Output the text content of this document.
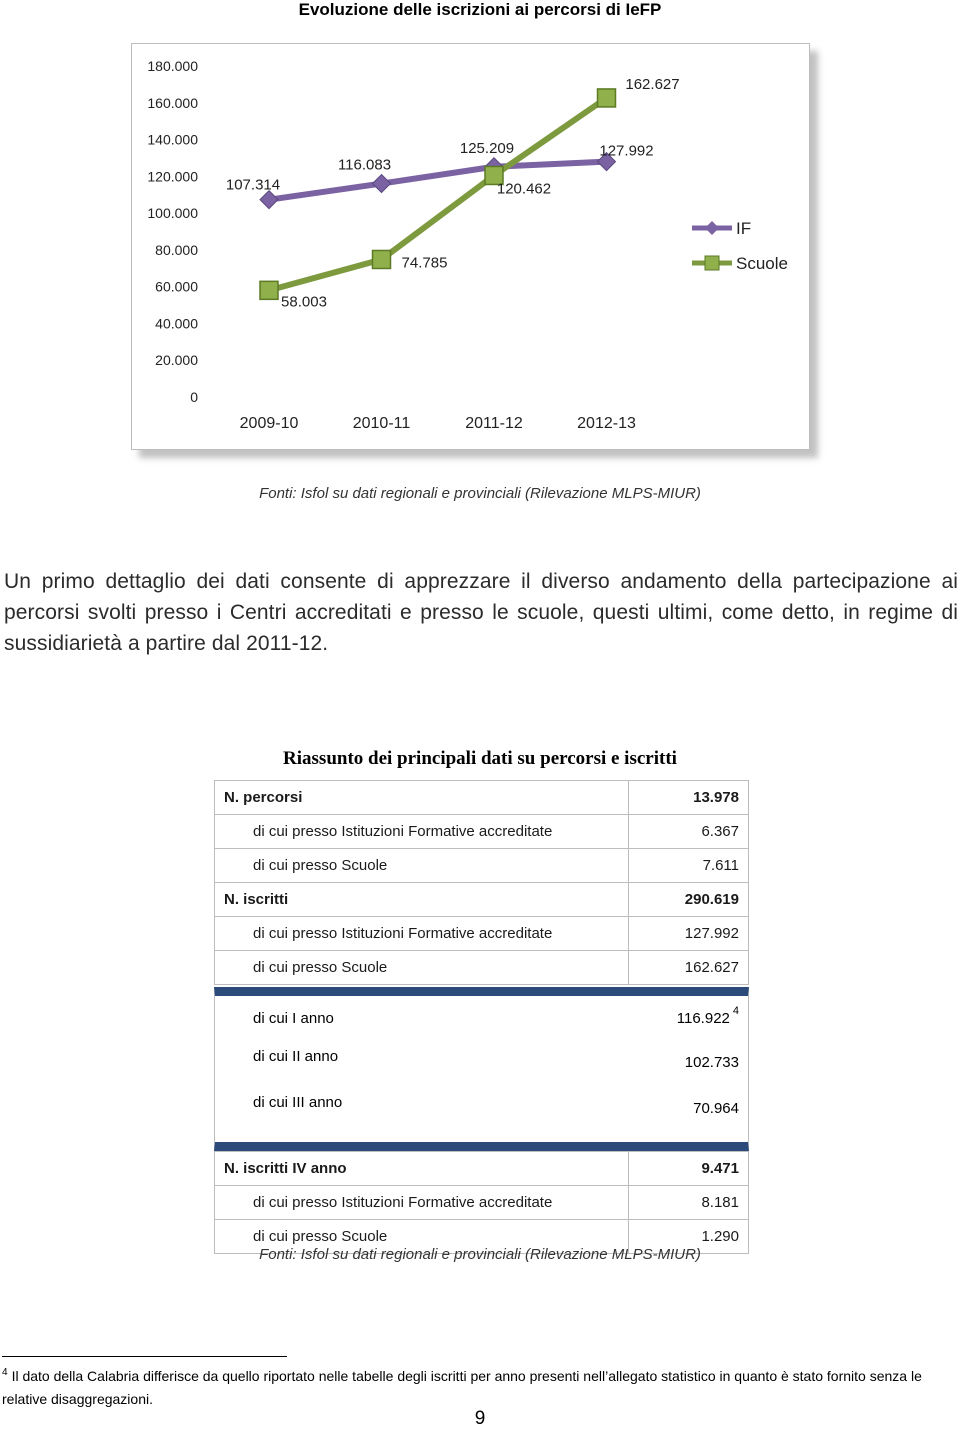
Evoluzione delle iscrizioni ai percorsi di IeFP
0
20.000
40.000
60.000
80.000
100.000
120.000
140.000
160.000
180.000
2009-10	2010-11	2011-12	2012-13
107.314
116.083
125.209	127.992
58.003
74.785
120.462
162.627
IF
Scuole
Fonti: Isfol su dati regionali e provinciali (Rilevazione MLPS-MIUR)
Un primo dettaglio dei dati consente di apprezzare il diverso andamento della partecipazione ai percorsi svolti presso i Centri accreditati e presso le scuole, questi ultimi, come detto, in regime di sussidiarietà a partire dal 2011-12.
Riassunto dei principali dati su percorsi e iscritti
N. percorsi	13.978
di cui presso Istituzioni Formative accreditate	6.367
di cui presso Scuole	7.611
N. iscritti	290.619
di cui presso Istituzioni Formative accreditate	127.992
di cui presso Scuole	162.627
di cui I anno	116.922 $^4$
di cui II anno	102.733
di cui III anno	70.964
N. iscritti IV anno	9.471
di cui presso Istituzioni Formative accreditate	8.181
di cui presso Scuole	1.290
Fonti: Isfol su dati regionali e provinciali (Rilevazione MLPS-MIUR)
$^4$ Il dato della Calabria differisce da quello riportato nelle tabelle degli iscritti per anno presenti nell’allegato statistico in quanto è stato fornito senza le relative disaggregazioni.
9
